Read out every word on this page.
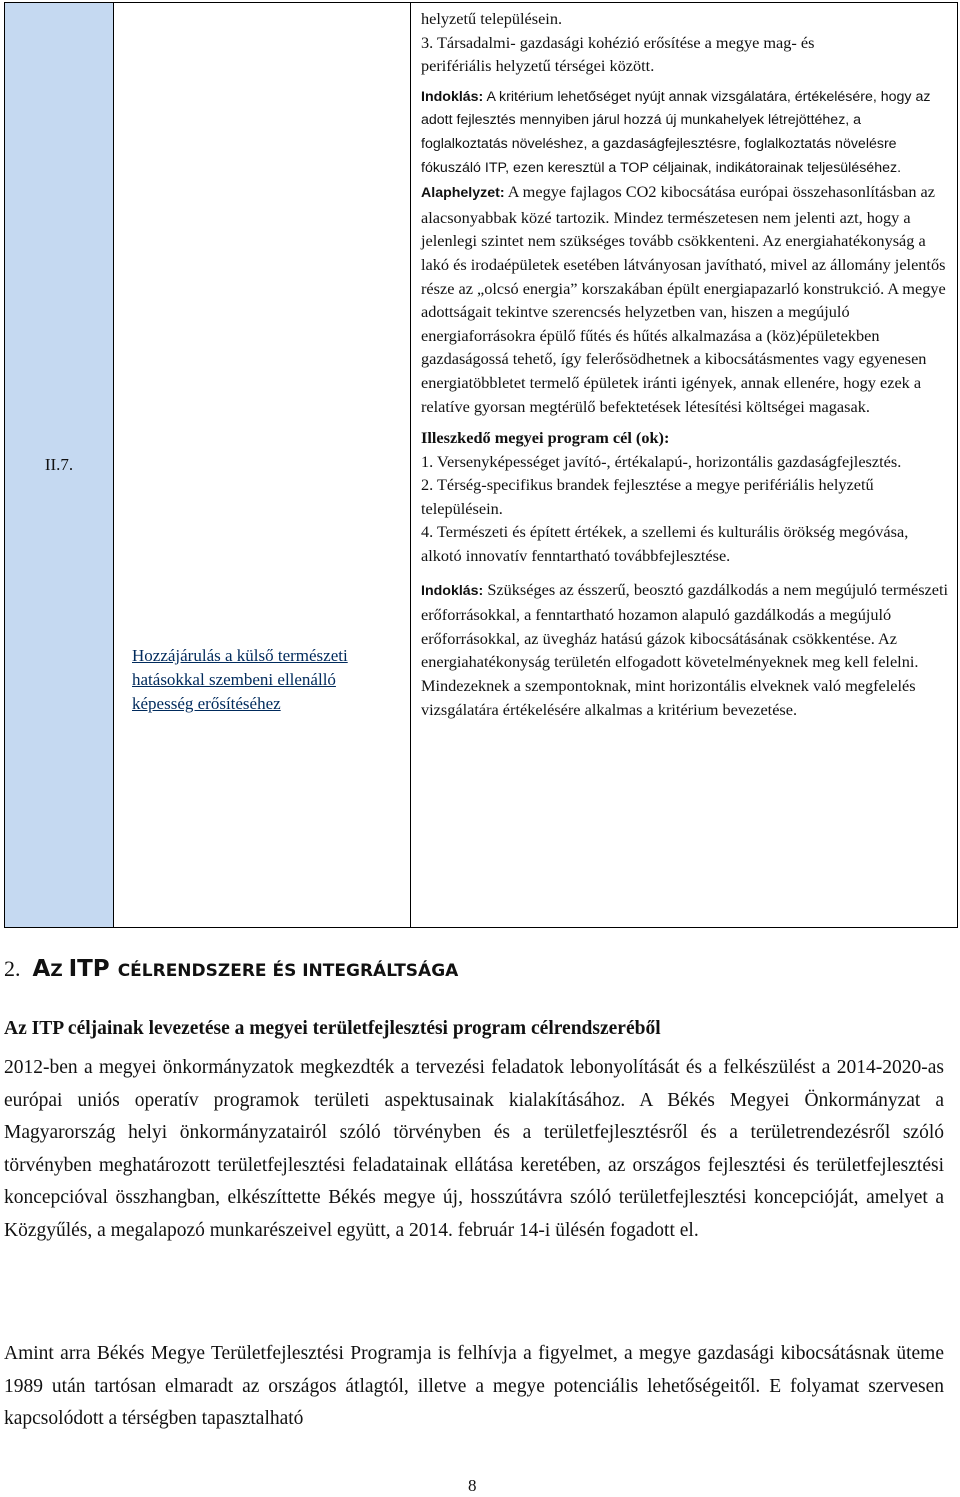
II.7.	
Hozzájárulás a külső természeti hatásokkal szembeni ellenálló képesség erősítéséhez

helyzetű településein.

3. Társadalmi- gazdasági kohézió erősítése a megye mag- és

perifériális helyzetű térségei között.

Indoklás: A kritérium lehetőséget nyújt annak vizsgálatára, értékelésére, hogy az adott fejlesztés mennyiben járul hozzá új munkahelyek létrejöttéhez, a foglalkoztatás növeléshez, a gazdaságfejlesztésre, foglalkoztatás növelésre fókuszáló ITP, ezen keresztül a TOP céljainak, indikátorainak teljesüléséhez.

Alaphelyzet: A megye fajlagos CO2 kibocsátása európai összehasonlításban az alacsonyabbak közé tartozik. Mindez természetesen nem jelenti azt, hogy a jelenlegi szintet nem szükséges tovább csökkenteni. Az energiahatékonyság a lakó és irodaépületek esetében látványosan javítható, mivel az állomány jelentős része az „olcsó energia” korszakában épült energiapazarló konstrukció. A megye adottságait tekintve szerencsés helyzetben van, hiszen a megújuló energiaforrásokra épülő fűtés és hűtés alkalmazása a (köz)épületekben gazdaságossá tehető, így felerősödhetnek a kibocsátásmentes vagy egyenesen energiatöbbletet termelő épületek iránti igények, annak ellenére, hogy ezek a relatíve gyorsan megtérülő befektetések létesítési költségei magasak.

Illeszkedő megyei program cél (ok):

1. Versenyképességet javító-, értékalapú-, horizontális gazdaságfejlesztés.

2. Térség-specifikus brandek fejlesztése a megye perifériális helyzetű településein.

4. Természeti és épített értékek, a szellemi és kulturális örökség megóvása, alkotó innovatív fenntartható továbbfejlesztése.

Indoklás: Szükséges az ésszerű, beosztó gazdálkodás a nem megújuló természeti erőforrásokkal, a fenntartható hozamon alapuló gazdálkodás a megújuló erőforrásokkal, az üvegház hatású gázok kibocsátásának csökkentése. Az energiahatékonyság területén elfogadott követelményeknek meg kell felelni. Mindezeknek a szempontoknak, mint horizontális elveknek való megfelelés vizsgálatára értékelésére alkalmas a kritérium bevezetése.

2. AZ ITP CÉLRENDSZERE ÉS INTEGRÁLTSÁGA
Az ITP céljainak levezetése a megyei területfejlesztési program célrendszeréből

2012-ben a megyei önkormányzatok megkezdték a tervezési feladatok lebonyolítását és a felkészülést a 2014-2020-as európai uniós operatív programok területi aspektusainak kialakításához. A Békés Megyei Önkormányzat a Magyarország helyi önkormányzatairól szóló törvényben és a területfejlesztésről és a területrendezésről szóló törvényben meghatározott területfejlesztési feladatainak ellátása keretében, az országos fejlesztési és területfejlesztési koncepcióval összhangban, elkészíttette Békés megye új, hosszútávra szóló területfejlesztési koncepcióját, amelyet a Közgyűlés, a megalapozó munkarészeivel együtt, a 2014. február 14-i ülésén fogadott el.

Amint arra Békés Megye Területfejlesztési Programja is felhívja a figyelmet, a megye gazdasági kibocsátásnak üteme 1989 után tartósan elmaradt az országos átlagtól, illetve a megye potenciális lehetőségeitől. E folyamat szervesen kapcsolódott a térségben tapasztalható

8
